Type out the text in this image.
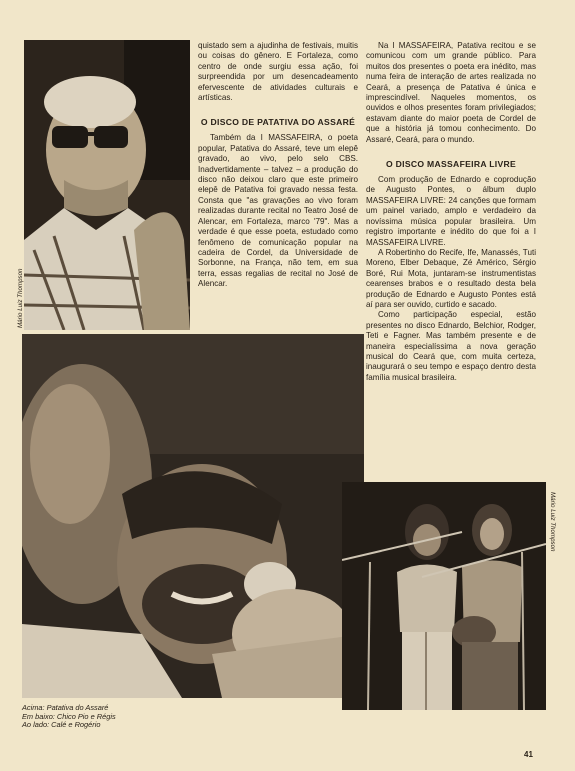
Mário Luiz Thompson

quistado sem a ajudinha de festivais, muitis ou coisas do gênero. E Fortaleza, como centro de onde surgiu essa ação, foi surpreendida por um desencadeamento efervescente de atividades culturais e artísticas.

O DISCO DE PATATIVA DO ASSARÉ

Também da I MASSAFEIRA, o poeta popular, Patativa do Assaré, teve um elepê gravado, ao vivo, pelo selo CBS. Inadvertidamente – talvez – a produção do disco não deixou claro que este primeiro elepê de Patativa foi gravado nessa festa. Consta que "as gravações ao vivo foram realizadas durante recital no Teatro José de Alencar, em Fortaleza, marco '79". Mas a verdade é que esse poeta, estudado como fenômeno de comunicação popular na cadeira de Cordel, da Universidade de Sorbonne, na França, não tem, em sua terra, essas regalias de recital no José de Alencar.

Na I MASSAFEIRA, Patativa recitou e se comunicou com um grande público. Para muitos dos presentes o poeta era inédito, mas numa feira de interação de artes realizada no Ceará, a presença de Patativa é única e imprescindível. Naqueles momentos, os ouvidos e olhos presentes foram privilegiados; estavam diante do maior poeta de Cordel de que a história já tomou conhecimento. Do Assaré, Ceará, para o mundo.

O DISCO MASSAFEIRA LIVRE

Com produção de Ednardo e coprodução de Augusto Pontes, o álbum duplo MASSAFEIRA LIVRE: 24 canções que formam um painel variado, amplo e verdadeiro da novíssima música popular brasileira. Um registro importante e inédito do que foi a I MASSAFEIRA LIVRE.

A Robertinho do Recife, Ife, Manassés, Tuti Moreno, Elber Debaque, Zé Américo, Sérgio Boré, Rui Mota, juntaram-se instrumentistas cearenses brabos e o resultado desta bela produção de Ednardo e Augusto Pontes está aí para ser ouvido, curtido e sacado.

Como participação especial, estão presentes no disco Ednardo, Belchior, Rodger, Teti e Fagner. Mas também presente e de maneira especialíssima a nova geração musical do Ceará que, com muita certeza, inaugurará o seu tempo e espaço dentro desta família musical brasileira.

Mário Luiz Thompson
Acima: Patativa do Assaré
Em baixo: Chico Pio e Régis
Ao lado: Calé e Rogério
41
